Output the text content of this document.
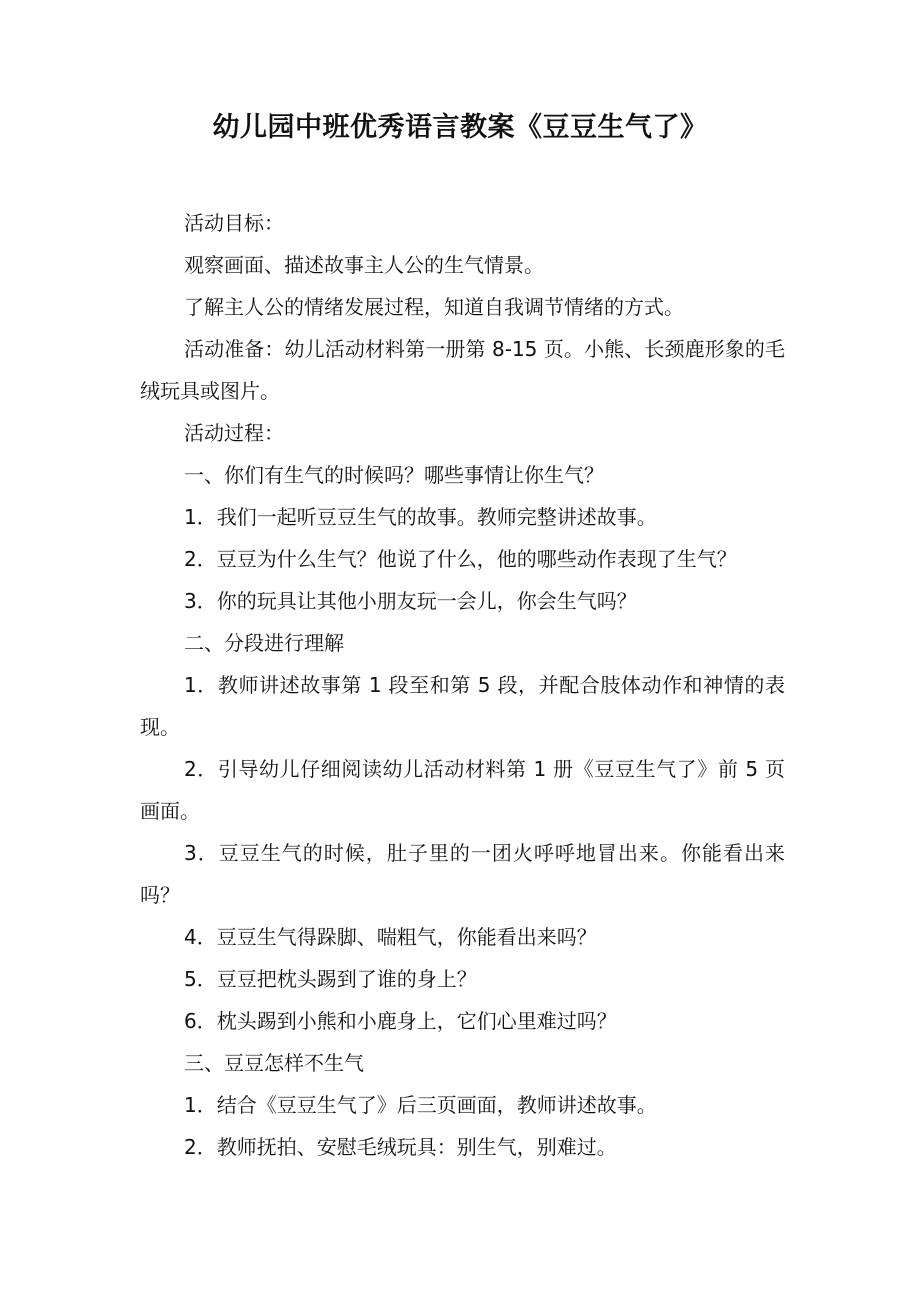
幼儿园中班优秀语言教案《豆豆生气了》

活动目标：

观察画面、描述故事主人公的生气情景。

了解主人公的情绪发展过程，知道自我调节情绪的方式。

活动准备：幼儿活动材料第一册第 8-15 页。小熊、长颈鹿形象的毛绒玩具或图片。

活动过程：

一、你们有生气的时候吗？哪些事情让你生气？

1．我们一起听豆豆生气的故事。教师完整讲述故事。

2．豆豆为什么生气？他说了什么，他的哪些动作表现了生气？

3．你的玩具让其他小朋友玩一会儿，你会生气吗？

二、分段进行理解

1．教师讲述故事第 1 段至和第 5 段，并配合肢体动作和神情的表现。

2．引导幼儿仔细阅读幼儿活动材料第 1 册《豆豆生气了》前 5 页画面。

3．豆豆生气的时候，肚子里的一团火呼呼地冒出来。你能看出来吗？

4．豆豆生气得跺脚、喘粗气，你能看出来吗？

5．豆豆把枕头踢到了谁的身上？

6．枕头踢到小熊和小鹿身上，它们心里难过吗？

三、豆豆怎样不生气

1．结合《豆豆生气了》后三页画面，教师讲述故事。

2．教师抚拍、安慰毛绒玩具：别生气，别难过。
